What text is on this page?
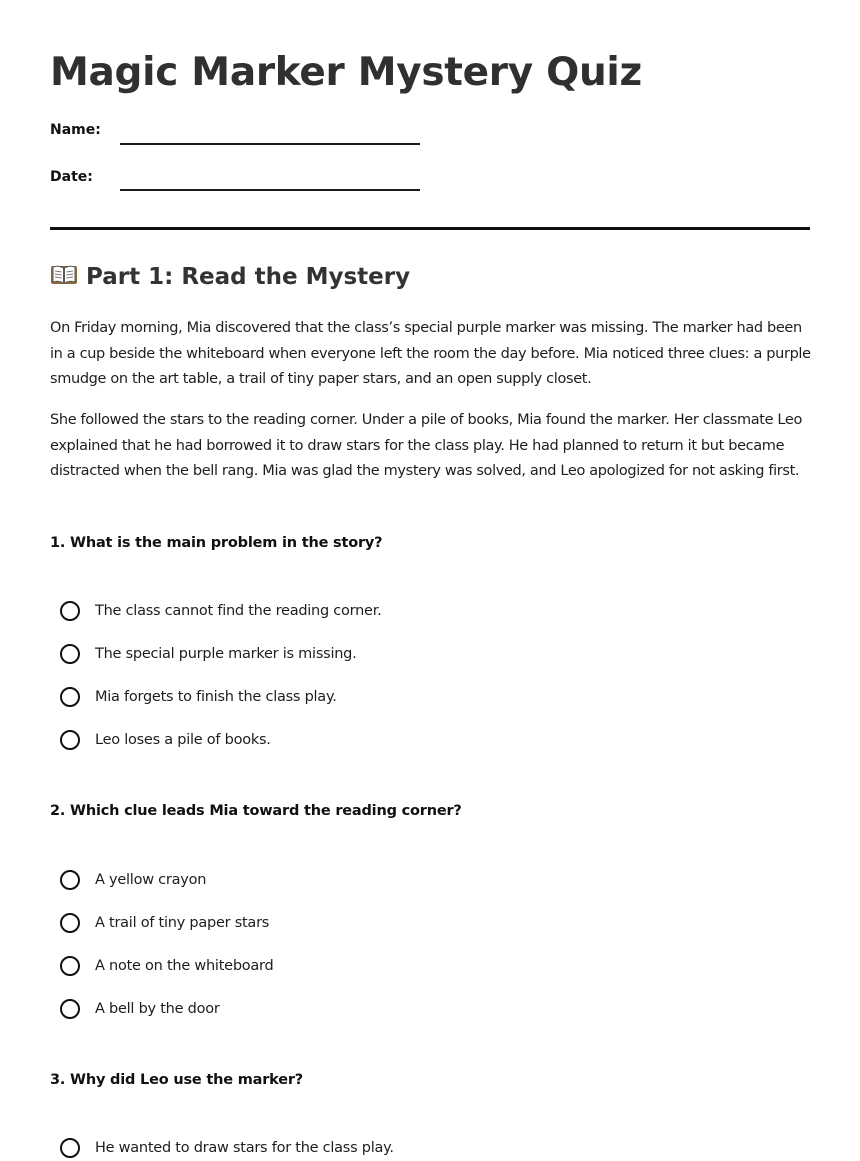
Magic Marker Mystery Quiz
Name:
Date:
Part 1: Read the Mystery

On Friday morning, Mia discovered that the class’s special purple marker was missing. The marker had been in a cup beside the whiteboard when everyone left the room the day before. Mia noticed three clues: a purple smudge on the art table, a trail of tiny paper stars, and an open supply closet.

She followed the stars to the reading corner. Under a pile of books, Mia found the marker. Her classmate Leo explained that he had borrowed it to draw stars for the class play. He had planned to return it but became distracted when the bell rang. Mia was glad the mystery was solved, and Leo apologized for not asking first.

1. What is the main problem in the story?
The class cannot find the reading corner.
The special purple marker is missing.
Mia forgets to finish the class play.
Leo loses a pile of books.
2. Which clue leads Mia toward the reading corner?
A yellow crayon
A trail of tiny paper stars
A note on the whiteboard
A bell by the door
3. Why did Leo use the marker?
He wanted to draw stars for the class play.
